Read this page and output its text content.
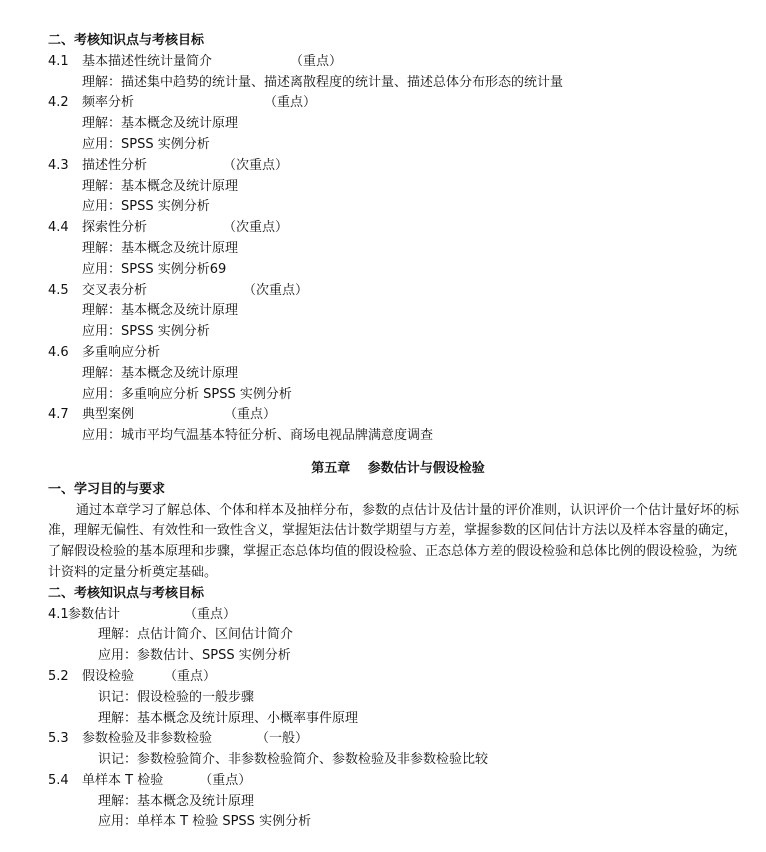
二、考核知识点与考核目标
4.1 基本描述性统计量简介	（重点）
理解：描述集中趋势的统计量、描述离散程度的统计量、描述总体分布形态的统计量
4.2 频率分析	（重点）
理解：基本概念及统计原理
应用：SPSS 实例分析
4.3 描述性分析	（次重点）
理解：基本概念及统计原理
应用：SPSS 实例分析
4.4 探索性分析	（次重点）
理解：基本概念及统计原理
应用：SPSS 实例分析69
4.5 交叉表分析	（次重点）
理解：基本概念及统计原理
应用：SPSS 实例分析
4.6 多重响应分析
理解：基本概念及统计原理
应用：多重响应分析 SPSS 实例分析
4.7 典型案例	（重点）
应用：城市平均气温基本特征分析、商场电视品牌满意度调查
第五章　 参数估计与假设检验
一、学习目的与要求
通过本章学习了解总体、个体和样本及抽样分布，参数的点估计及估计量的评价准则，认识评价一个估计量好坏的标准，理解无偏性、有效性和一致性含义，掌握矩法估计数学期望与方差，掌握参数的区间估计方法以及样本容量的确定，了解假设检验的基本原理和步骤，掌握正态总体均值的假设检验、正态总体方差的假设检验和总体比例的假设检验，为统计资料的定量分析奠定基础。
二、考核知识点与考核目标
4.1参数估计	（重点）
理解：点估计简介、区间估计简介
应用：参数估计、SPSS 实例分析
5.2 假设检验 （重点）
识记：假设检验的一般步骤
理解：基本概念及统计原理、小概率事件原理
5.3 参数检验及非参数检验	（一般）
识记：参数检验简介、非参数检验简介、参数检验及非参数检验比较
5.4 单样本 T 检验	（重点）
理解：基本概念及统计原理
应用：单样本 T 检验 SPSS 实例分析
